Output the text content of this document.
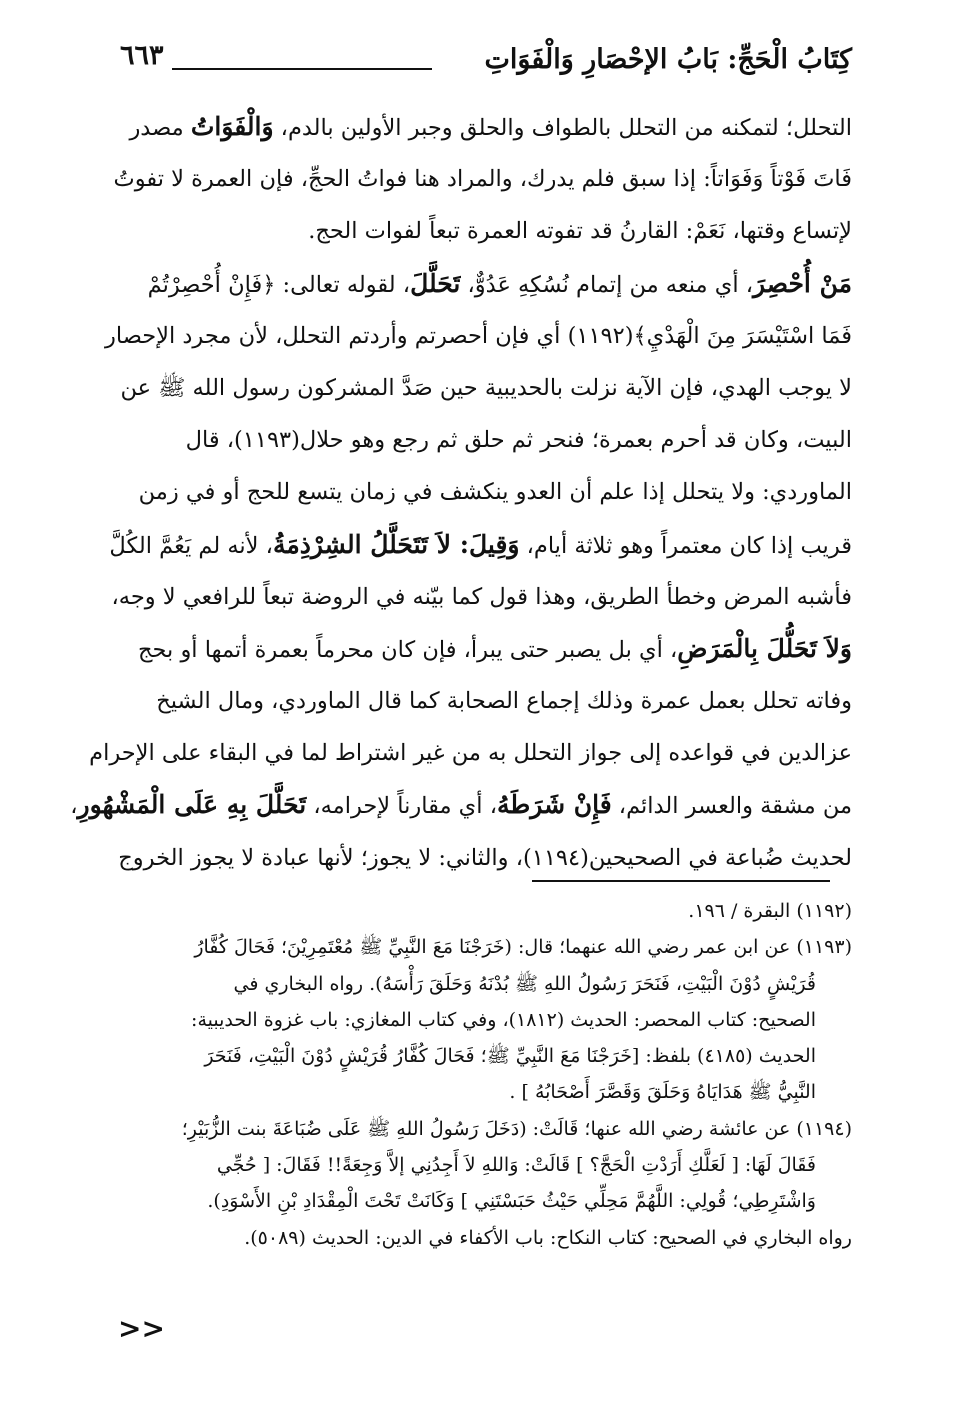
كِتَابُ الْحَجِّ: بَابُ الإحْصَارِ وَالْفَوَاتِ
٦٦٣
التحلل؛ لتمكنه من التحلل بالطواف والحلق وجبر الأولين بالدم، وَالْفَوَاتُ مصدر
فَاتَ فَوْتاً وَفَوَاتاً: إذا سبق فلم يدرك، والمراد هنا فواتُ الحجِّ، فإن العمرة لا تفوتُ
لإتساع وقتها، نَعَمْ: القارنُ قد تفوته العمرة تبعاً لفوات الحج.
مَنْ أُحْصِرَ، أي منعه من إتمام نُسُكِهِ عَدُوٌّ، تَحَلَّلَ، لقوله تعالى: ﴿فَإِنْ أُحْصِرْتُمْ
فَمَا اسْتَيْسَرَ مِنَ الْهَدْيِ﴾(١١٩٢) أي فإن أحصرتم وأردتم التحلل، لأن مجرد الإحصار
لا يوجب الهدي، فإن الآية نزلت بالحديبية حين صَدَّ المشركون رسول الله ﷺ عن
البيت، وكان قد أحرم بعمرة؛ فنحر ثم حلق ثم رجع وهو حلال(١١٩٣)، قال
الماوردي: ولا يتحلل إذا علم أن العدو ينكشف في زمان يتسع للحج أو في زمن
قريب إذا كان معتمراً وهو ثلاثة أيام، وَقِيلَ: لاَ تَتَحَلَّلُ الشِرْذِمَةُ، لأنه لم يَعُمَّ الكُلَّ
فأشبه المرض وخطأ الطريق، وهذا قول كما بيّنه في الروضة تبعاً للرافعي لا وجه،
وَلاَ تَحَلُّلَ بِالْمَرَضِ، أي بل يصبر حتى يبرأ، فإن كان محرماً بعمرة أتمها أو بحج
وفاته تحلل بعمل عمرة وذلك إجماع الصحابة كما قال الماوردي، ومال الشيخ
عزالدين في قواعده إلى جواز التحلل به من غير اشتراط لما في البقاء على الإحرام
من مشقة والعسر الدائم، فَإِنْ شَرَطَهُ، أي مقارناً لإحرامه، تَحَلَّلَ بِهِ عَلَى الْمَشْهُورِ،
لحديث ضُباعة في الصحيحين(١١٩٤)، والثاني: لا يجوز؛ لأنها عبادة لا يجوز الخروج
(١١٩٢) البقرة / ١٩٦.
(١١٩٣) عن ابن عمر رضي الله عنهما؛ قال: (خَرَجْنَا مَعَ النَّبِيِّ ﷺ مُعْتَمِرِيْنَ؛ فَحَالَ كُفَّارُ
قُرَيْشٍ دُوْنَ الْبَيْتِ، فَنَحَرَ رَسُولُ اللهِ ﷺ بُدْنَهُ وَحَلَقَ رَأْسَهُ). رواه البخاري في
الصحيح: كتاب المحصر: الحديث (١٨١٢)، وفي كتاب المغازي: باب غزوة الحديبية:
الحديث (٤١٨٥) بلفظ: [خَرَجْنَا مَعَ النَّبِيِّ ﷺ؛ فَحَالَ كُفَّارُ قُرَيْشٍ دُوْنَ الْبَيْتِ، فَنَحَرَ
النَّبِيُّ ﷺ هَدَايَاهُ وَحَلَقَ وَقَصَّرَ أَصْحَابُهُ ] .
(١١٩٤) عن عائشة رضي الله عنها؛ قَالَتْ: (دَخَلَ رَسُولُ اللهِ ﷺ عَلَى ضُبَاعَةَ بنت الزُّبَيْرِ؛
فَقَالَ لَهَا: [ لَعَلَّكِ أَرَدْتِ الْحَجَّ؟ ] قَالَتْ: وَاللهِ لاَ أَجِدُنِي إلاَّ وَجِعَةً!! فَقَالَ: [ حُجِّي
وَاشْتَرِطِي؛ قُولِي: اللَّهُمَّ مَحِلِّي حَيْثُ حَبَسْتَنِي ] وَكَانَتْ تَحْتَ الْمِقْدَادِ بْنِ الأَسْوَدِ).
رواه البخاري في الصحيح: كتاب النكاح: باب الأكفاء في الدين: الحديث (٥٠٨٩).
<<
